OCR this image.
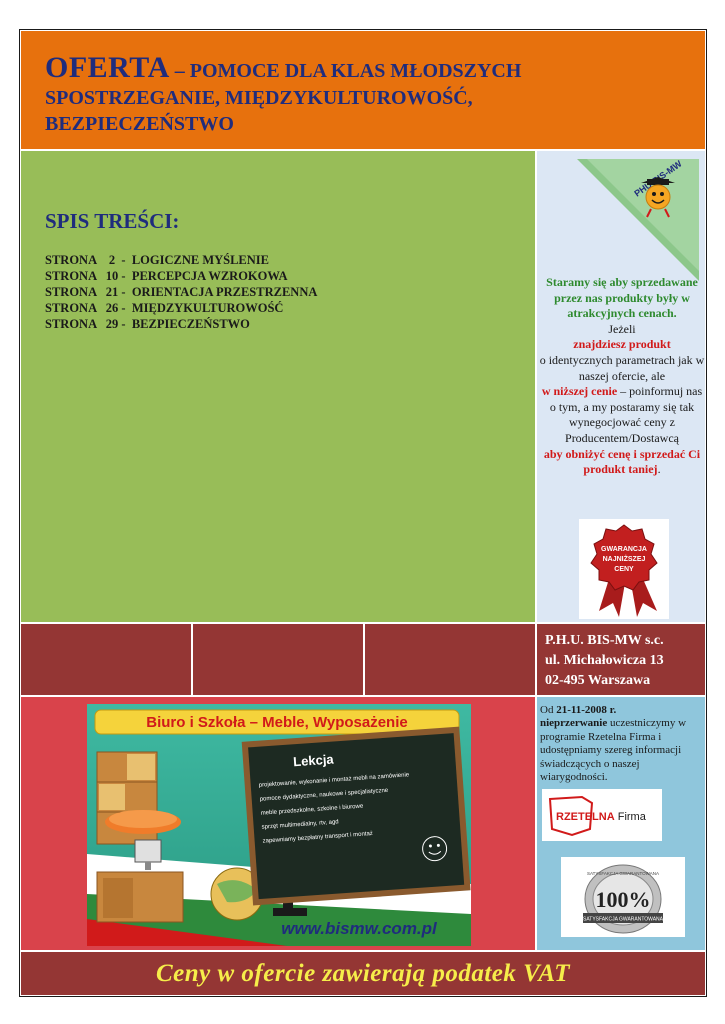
OFERTA – POMOCE DLA KLAS MŁODSZYCH
SPOSTRZEGANIE, MIĘDZYKULTUROWOŚĆ,
BEZPIECZEŃSTWO
SPIS TREŚCI:
STRONA    2  -  LOGICZNE MYŚLENIE
STRONA   10 -  PERCEPCJA WZROKOWA
STRONA   21 -  ORIENTACJA PRZESTRZENNA
STRONA   26 -  MIĘDZYKULTUROWOŚĆ
STRONA   29 -  BEZPIECZEŃSTWO
PHU BIS-MW
Staramy się aby sprzedawane przez nas produkty były w atrakcyjnych cenach.
Jeżeli
znajdziesz produkt
o identycznych parametrach jak w naszej ofercie, ale
w niższej cenie – poinformuj nas o tym, a my postaramy się tak wynegocjować ceny z Producentem/Dostawcą
aby obniżyć cenę i sprzedać Ci produkt taniej.
GWARANCJA
NAJNIŻSZEJ
CENY
P.H.U. BIS-MW s.c.
ul. Michałowicza 13
02-495 Warszawa
Biuro i Szkoła – Meble, Wyposażenie
Lekcja
projektowanie, wykonanie i montaż mebli na zamówienie
pomoce dydaktyczne, naukowe i specjalistyczne
meble przedszkolne, szkolne i biurowe
sprzęt multimedialny, rtv, agd
zapewniamy bezpłatny transport i montaż
www.bismw.com.pl
Od 21-11-2008 r.
nieprzerwanie uczestniczymy w programie Rzetelna Firma i udostępniamy szereg informacji świadczących o naszej wiarygodności.
RZETELNA Firma
SATYSFAKCJA GWARANTOWANA
100%
SATYSFAKCJA GWARANTOWANA
Ceny w ofercie zawierają podatek VAT
